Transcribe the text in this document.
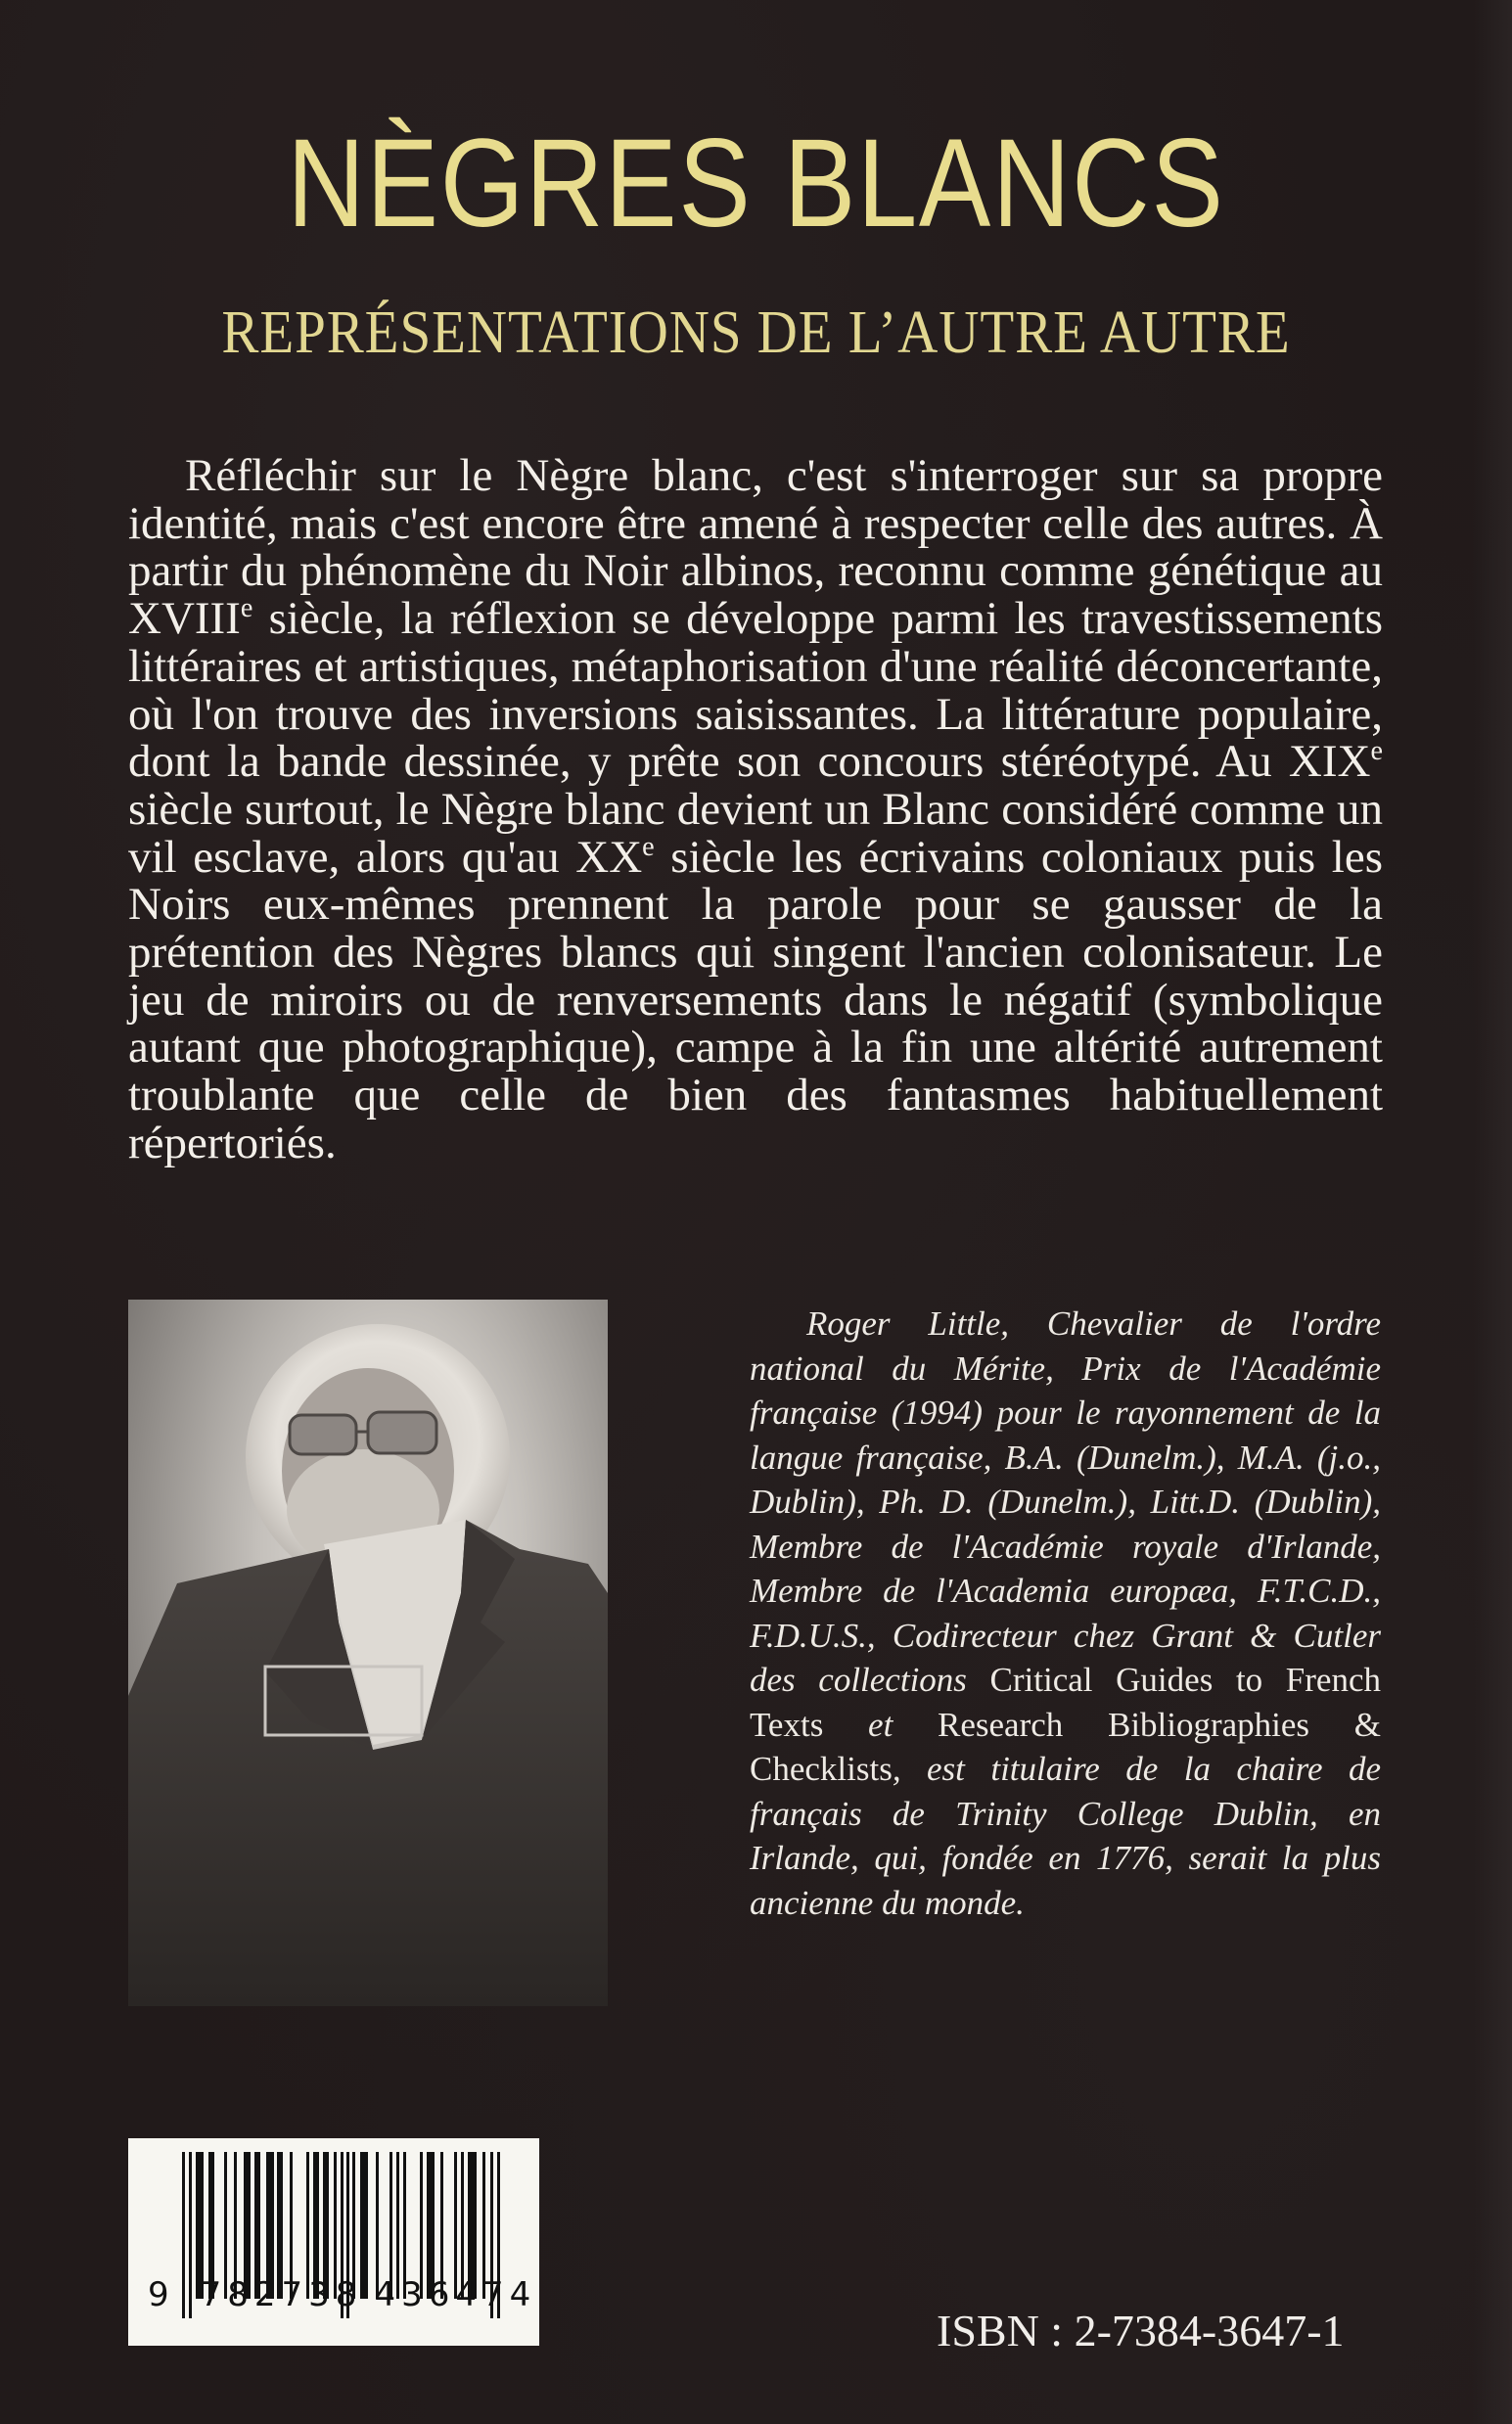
NÈGRES BLANCS
REPRÉSENTATIONS DE L’AUTRE AUTRE

Réfléchir sur le Nègre blanc, c'est s'interroger sur sa propre identité, mais c'est encore être amené à respecter celle des autres. À partir du phénomène du Noir albinos, reconnu comme génétique au XVIIIe siècle, la réflexion se développe parmi les travestissements littéraires et artistiques, métaphorisation d'une réalité déconcertante, où l'on trouve des inversions saisissantes. La littérature populaire, dont la bande dessinée, y prête son concours stéréotypé. Au XIXe siècle surtout, le Nègre blanc devient un Blanc considéré comme un vil esclave, alors qu'au XXe siècle les écrivains coloniaux puis les Noirs eux-mêmes prennent la parole pour se gausser de la prétention des Nègres blancs qui singent l'ancien colonisateur. Le jeu de miroirs ou de renversements dans le négatif (symbolique autant que photographique), campe à la fin une altérité autrement troublante que celle de bien des fantasmes habituellement répertoriés.

Roger Little, Chevalier de l'ordre national du Mérite, Prix de l'Académie française (1994) pour le rayonnement de la langue française, B.A. (Dunelm.), M.A. (j.o., Dublin), Ph. D. (Dunelm.), Litt.D. (Dublin), Membre de l'Académie royale d'Irlande, Membre de l'Academia europæa, F.T.C.D., F.D.U.S., Codirecteur chez Grant & Cutler des collections Critical Guides to French Texts et Research Bibliographies & Checklists, est titulaire de la chaire de français de Trinity College Dublin, en Irlande, qui, fondée en 1776, serait la plus ancienne du monde.

9 782738 436474
ISBN : 2-7384-3647-1
